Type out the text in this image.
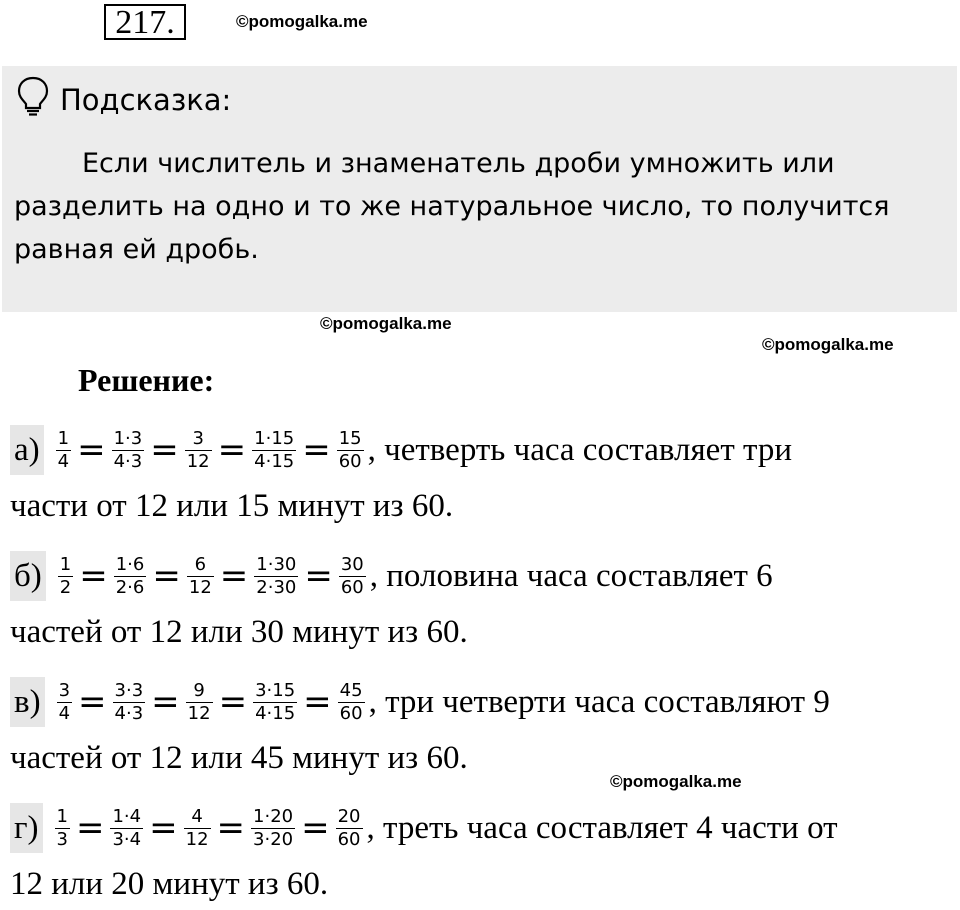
217.	©pomogalka.me
Подсказка:

Если числитель и знаменатель дроби умножить или разделить на одно и то же натуральное число, то получится равная ей дробь.

©pomogalka.me
©pomogalka.me
Решение:
$а) \frac{1}{4} = \frac{1\cdot 3}{4\cdot 3} = \frac{3}{12} = \frac{1\cdot 15}{4\cdot 15} = \frac{15}{60}$ , четверть часа составляет три
части от 12 или 15 минут из 60.
$б) \frac{1}{2} = \frac{1\cdot 6}{2\cdot 6} = \frac{6}{12} = \frac{1\cdot 30}{2\cdot 30} = \frac{30}{60}$ , половина часа составляет 6
частей от 12 или 30 минут из 60.
$в) \frac{3}{4} = \frac{3\cdot 3}{4\cdot 3} = \frac{9}{12} = \frac{3\cdot 15}{4\cdot 15} = \frac{45}{60}$ , три четверти часа составляют 9
частей от 12 или 45 минут из 60.
©pomogalka.me
$г) \frac{1}{3} = \frac{1\cdot 4}{3\cdot 4} = \frac{4}{12} = \frac{1\cdot 20}{3\cdot 20} = \frac{20}{60}$ , треть часа составляет 4 части от
12 или 20 минут из 60.
